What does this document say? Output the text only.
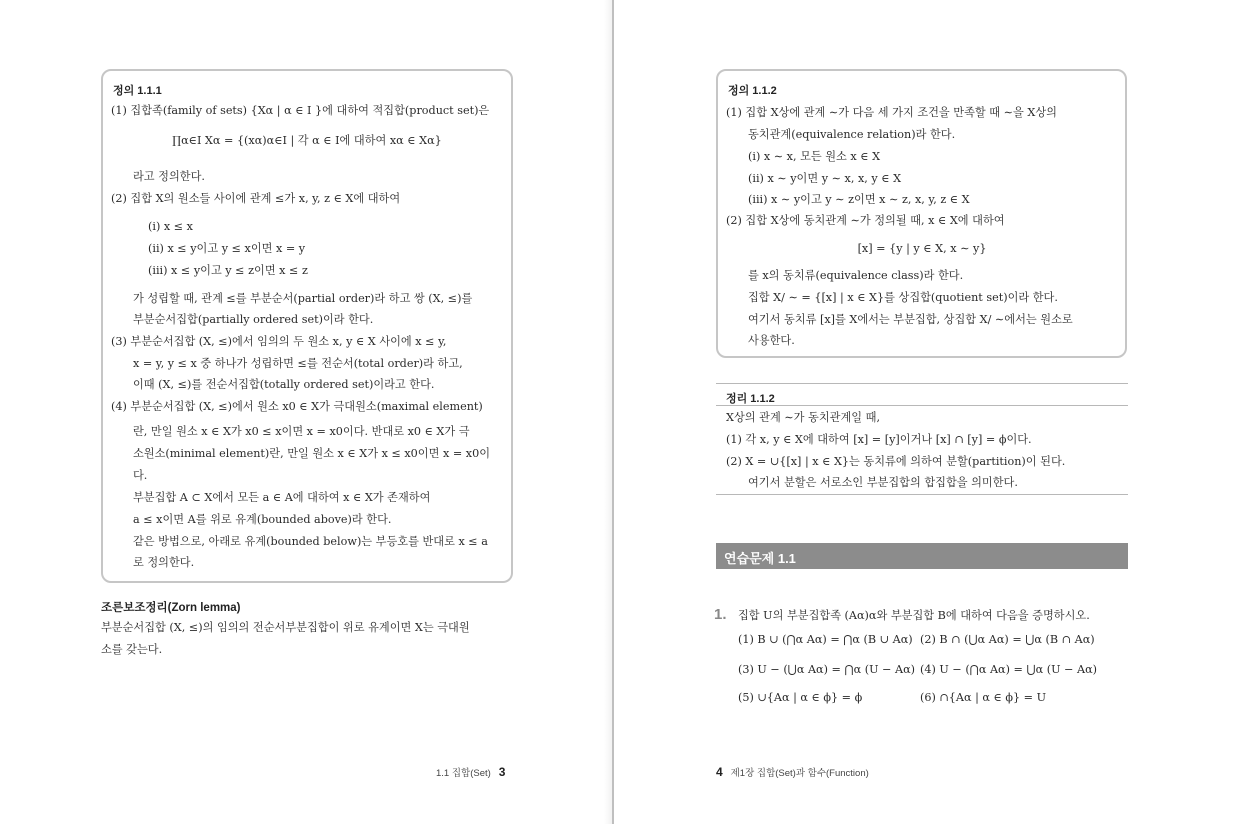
정의 1.1.1
(1) 집합족(family of sets) {Xα | α ∈ I }에 대하여 적집합(product set)은
∏α∈I Xα = {(xα)α∈I | 각 α ∈ I에 대하여 xα ∈ Xα}
라고 정의한다.
(2) 집합 X의 원소들 사이에 관계 ≤가 x, y, z ∈ X에 대하여
(i) x ≤ x
(ii) x ≤ y이고 y ≤ x이면 x = y
(iii) x ≤ y이고 y ≤ z이면 x ≤ z
가 성립할 때, 관계 ≤를 부분순서(partial order)라 하고 쌍 (X, ≤)를
부분순서집합(partially ordered set)이라 한다.
(3) 부분순서집합 (X, ≤)에서 임의의 두 원소 x, y ∈ X 사이에 x ≤ y,
x = y, y ≤ x 중 하나가 성립하면 ≤를 전순서(total order)라 하고,
이때 (X, ≤)를 전순서집합(totally ordered set)이라고 한다.
(4) 부분순서집합 (X, ≤)에서 원소 x0 ∈ X가 극대원소(maximal element)
란, 만일 원소 x ∈ X가 x0 ≤ x이면 x = x0이다. 반대로 x0 ∈ X가 극
소원소(minimal element)란, 만일 원소 x ∈ X가 x ≤ x0이면 x = x0이
다.
부분집합 A ⊂ X에서 모든 a ∈ A에 대하여 x ∈ X가 존재하여
a ≤ x이면 A를 위로 유계(bounded above)라 한다.
같은 방법으로, 아래로 유계(bounded below)는 부등호를 반대로 x ≤ a
로 정의한다.
조른보조정리(Zorn lemma)
부분순서집합 (X, ≤)의 임의의 전순서부분집합이 위로 유계이면 X는 극대원
소를 갖는다.
1.1 집합(Set) 3
정의 1.1.2
(1) 집합 X상에 관계 ∼가 다음 세 가지 조건을 만족할 때 ∼을 X상의
동치관계(equivalence relation)라 한다.
(i) x ∼ x, 모든 원소 x ∈ X
(ii) x ∼ y이면 y ∼ x, x, y ∈ X
(iii) x ∼ y이고 y ∼ z이면 x ∼ z, x, y, z ∈ X
(2) 집합 X상에 동치관계 ∼가 정의될 때, x ∈ X에 대하여
[x] = {y | y ∈ X, x ∼ y}
를 x의 동치류(equivalence class)라 한다.
집합 X/ ∼ = {[x] | x ∈ X}를 상집합(quotient set)이라 한다.
여기서 동치류 [x]를 X에서는 부분집합, 상집합 X/ ∼에서는 원소로
사용한다.
정리 1.1.2
X상의 관계 ∼가 동치관계일 때,
(1) 각 x, y ∈ X에 대하여 [x] = [y]이거나 [x] ∩ [y] = ϕ이다.
(2) X = ∪{[x] | x ∈ X}는 동치류에 의하여 분할(partition)이 된다.
여기서 분할은 서로소인 부분집합의 합집합을 의미한다.
연습문제 1.1
1. 집합 U의 부분집합족 (Aα)α와 부분집합 B에 대하여 다음을 증명하시오.
(1) B ∪ (⋂α Aα) = ⋂α (B ∪ Aα) (2) B ∩ (⋃α Aα) = ⋃α (B ∩ Aα)
(3) U − (⋃α Aα) = ⋂α (U − Aα) (4) U − (⋂α Aα) = ⋃α (U − Aα)
(5) ∪{Aα | α ∈ ϕ} = ϕ	(6) ∩{Aα | α ∈ ϕ} = U
4 제1장 집합(Set)과 함수(Function)
